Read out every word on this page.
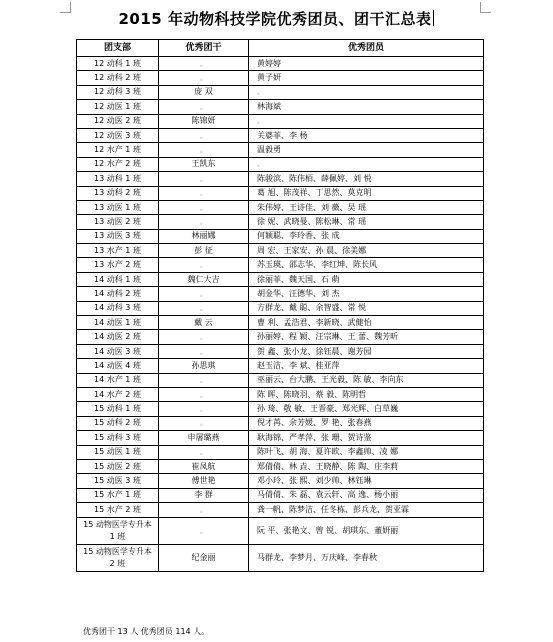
2015 年动物科技学院优秀团员、团干汇总表
团支部	优秀团干	优秀团员
12 动科 1 班	。	黄婷婷
12 动科 2 班	。	黄子妍
12 动科 3 班	庞 双	。
12 动医 1 班	。	林海斌
12 动医 2 班	陈锦妍	。
12 动医 3 班	。	关婆菲、李 杨
12 水产 1 班	。	温毅勇
12 水产 2 班	王凯东	。
13 动科 1 班	。	陈骏滨、陈伟栢、薛佩婷、刘 悦
13 动科 2 班	。	葛 旭、陈茂祥、丁思然、莫克明
13 动医 1 班	。	朱伟婷、王诗佳、刘 薇、吴 瑶
13 动医 2 班	。	徐 妮、武晓曼、陈松琳、常 瑶
13 动医 3 班	林丽娜	何颖聪、李玲香、张 成
13 水产 1 班	彭 征	周 宏、王家安、孙 晨、徐美娜
13 水产 2 班	。	苏玉瑛、邵志华、李红坤、陈长风
14 动科 1 班	魏仁大吉	徐丽菲、魏天国、石 萌
14 动科 2 班	。	胡金华、汪德华、刘 杰
14 动科 3 班	。	方群龙、戴 聪、余智盛、常 悦
14 动医 1 班	戴 云	曹 利、孟浩君、李新晓、武健怡
14 动医 2 班	。	孙丽婷、程 颖、汪宗琳、王 蕾、魏芳昕
14 动医 3 班	。	贺 鑫、张小龙、徐钰晨、谢芳园
14 动医 4 班	孙思琪	赵玉洁、李 斌、桂亚萍
14 水产 1 班	。	巫丽云、台大鹏、王光毅、陈 敏、李向东
14 水产 2 班	。	陈 晖、陈晓羽、蔡 毅、陈明哲
15 动科 1 班	。	孙 琦、敬 敏、王晋豪、郑光辉、白草巍
15 动科 2 班	。	倪才苒、余芳媛、罗 艳、张春燕
15 动科 3 班	申屠璐燕	耿海锦、严孝萍、张 珊、贺诗鉴
15 动医 1 班	。	陈叶飞、胡 海、夏许欧、李鑫帅、凌 娜
15 动医 2 班	崔凤航	郑倩倩、林 垚、王晓静、陈 陶、庄李莉
15 动医 3 班	傅世艳	邓小玲、张 熙、刘少帅、林钰琳
15 水产 1 班	李 群	马倩倩、朱 磊、袁云轩、高 逸、杨小丽
15 水产 2 班	。	龚一帆、陈梦洁、任冬栋、彭兵龙、贺亚霖
15 动物医学专升本 1 班	。	阮 平、张艳文、曾 锐、胡琪东、董妍丽
15 动物医学专升本 2 班	纪金丽	马群龙、李梦月、万庆峰、李春秋
优秀团干 13 人 优秀团员 114 人。
